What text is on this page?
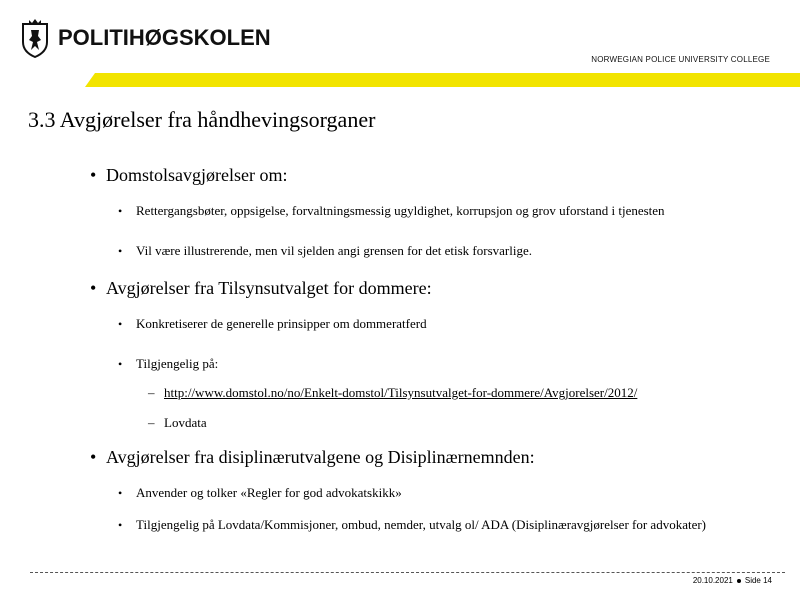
POLITIHØGSKOLEN
NORWEGIAN POLICE UNIVERSITY COLLEGE
3.3 Avgjørelser fra håndhevingsorganer
• Domstolsavgjørelser om:
• Rettergangsbøter, oppsigelse, forvaltningsmessig ugyldighet, korrupsjon og grov uforstand i tjenesten
• Vil være illustrerende, men vil sjelden angi grensen for det etisk forsvarlige.
• Avgjørelser fra Tilsynsutvalget for dommere:
• Konkretiserer de generelle prinsipper om dommeratferd
• Tilgjengelig på:
– http://www.domstol.no/no/Enkelt-domstol/Tilsynsutvalget-for-dommere/Avgjorelser/2012/
– Lovdata
• Avgjørelser fra disiplinærutvalgene og Disiplinærnemnden:
• Anvender og tolker «Regler for god advokatskikk»
• Tilgjengelig på Lovdata/Kommisjoner, ombud, nemder, utvalg ol/ ADA (Disiplinæravgjørelser for advokater)
20.10.2021 Side 14
